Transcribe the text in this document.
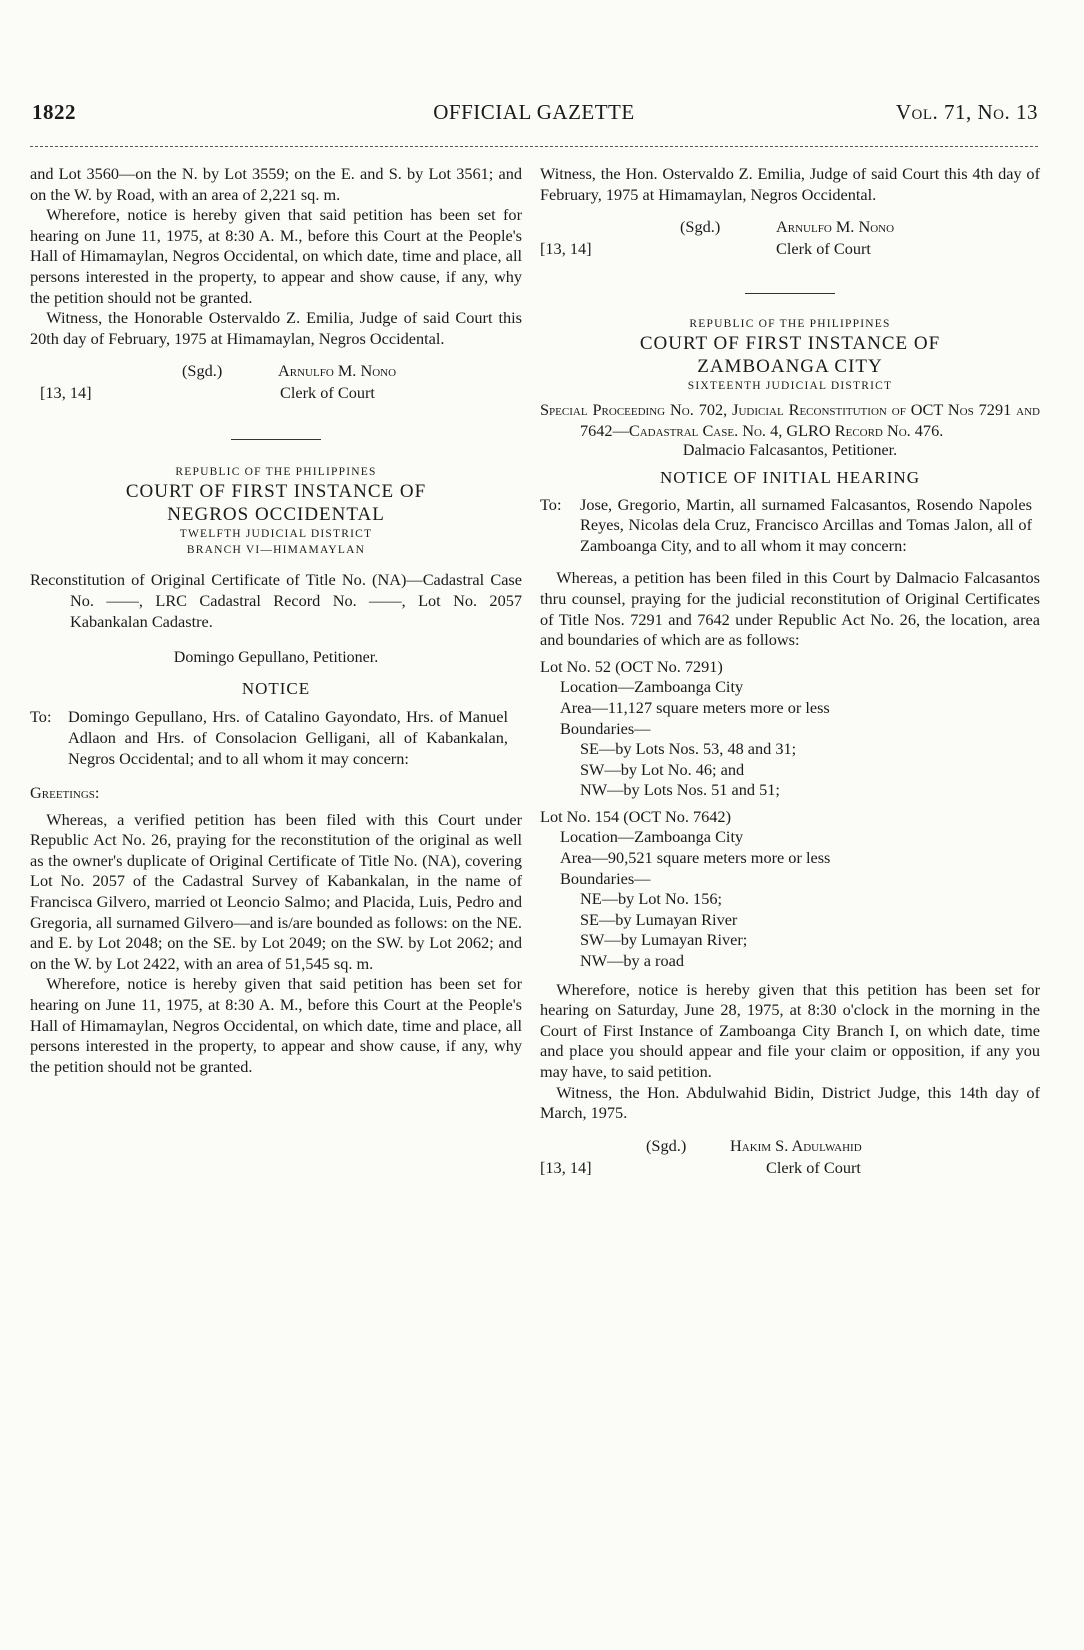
1822	OFFICIAL GAZETTE	Vol. 71, No. 13

and Lot 3560—on the N. by Lot 3559; on the E. and S. by Lot 3561; and on the W. by Road, with an area of 2,221 sq. m.

Wherefore, notice is hereby given that said petition has been set for hearing on June 11, 1975, at 8:30 A. M., before this Court at the People's Hall of Himamaylan, Negros Occidental, on which date, time and place, all persons interested in the property, to appear and show cause, if any, why the petition should not be granted.

Witness, the Honorable Ostervaldo Z. Emilia, Judge of said Court this 20th day of February, 1975 at Himamaylan, Negros Occidental.

(Sgd.)	Arnulfo M. Nono
[13, 14]	Clerk of Court

REPUBLIC OF THE PHILIPPINES

COURT OF FIRST INSTANCE OF

NEGROS OCCIDENTAL

TWELFTH JUDICIAL DISTRICT

BRANCH VI—HIMAMAYLAN

Reconstitution of Original Certificate of Title No. (NA)—Cadastral Case No. ——, LRC Cadastral Record No. ——, Lot No. 2057 Kabankalan Cadastre.

Domingo Gepullano, Petitioner.

NOTICE

To:	Domingo Gepullano, Hrs. of Catalino Gayondato, Hrs. of Manuel Adlaon and Hrs. of Consolacion Gelligani, all of Kabankalan, Negros Occidental; and to all whom it may concern:

Greetings:

Whereas, a verified petition has been filed with this Court under Republic Act No. 26, praying for the reconstitution of the original as well as the owner's duplicate of Original Certificate of Title No. (NA), covering Lot No. 2057 of the Cadastral Survey of Kabankalan, in the name of Francisca Gilvero, married ot Leoncio Salmo; and Placida, Luis, Pedro and Gregoria, all surnamed Gilvero—and is/are bounded as follows: on the NE. and E. by Lot 2048; on the SE. by Lot 2049; on the SW. by Lot 2062; and on the W. by Lot 2422, with an area of 51,545 sq. m.

Wherefore, notice is hereby given that said petition has been set for hearing on June 11, 1975, at 8:30 A. M., before this Court at the People's Hall of Himamaylan, Negros Occidental, on which date, time and place, all persons interested in the property, to appear and show cause, if any, why the petition should not be granted.

Witness, the Hon. Ostervaldo Z. Emilia, Judge of said Court this 4th day of February, 1975 at Himamaylan, Negros Occidental.

(Sgd.)	Arnulfo M. Nono
[13, 14]	Clerk of Court

REPUBLIC OF THE PHILIPPINES

COURT OF FIRST INSTANCE OF

ZAMBOANGA CITY

SIXTEENTH JUDICIAL DISTRICT

Special Proceeding No. 702, Judicial Reconstitution of OCT Nos 7291 and 7642—Cadastral Case. No. 4, GLRO Record No. 476.

Dalmacio Falcasantos, Petitioner.

NOTICE OF INITIAL HEARING

To:	Jose, Gregorio, Martin, all surnamed Falcasantos, Rosendo Napoles Reyes, Nicolas dela Cruz, Francisco Arcillas and Tomas Jalon, all of Zamboanga City, and to all whom it may concern:

Whereas, a petition has been filed in this Court by Dalmacio Falcasantos thru counsel, praying for the judicial reconstitution of Original Certificates of Title Nos. 7291 and 7642 under Republic Act No. 26, the location, area and boundaries of which are as follows:

Lot No. 52 (OCT No. 7291)

Location—Zamboanga City

Area—11,127 square meters more or less

Boundaries—

SE—by Lots Nos. 53, 48 and 31;

SW—by Lot No. 46; and

NW—by Lots Nos. 51 and 51;

Lot No. 154 (OCT No. 7642)

Location—Zamboanga City

Area—90,521 square meters more or less

Boundaries—

NE—by Lot No. 156;

SE—by Lumayan River

SW—by Lumayan River;

NW—by a road

Wherefore, notice is hereby given that this petition has been set for hearing on Saturday, June 28, 1975, at 8:30 o'clock in the morning in the Court of First Instance of Zamboanga City Branch I, on which date, time and place you should appear and file your claim or opposition, if any you may have, to said petition.

Witness, the Hon. Abdulwahid Bidin, District Judge, this 14th day of March, 1975.

(Sgd.)	Hakim S. Adulwahid
[13, 14]	Clerk of Court
